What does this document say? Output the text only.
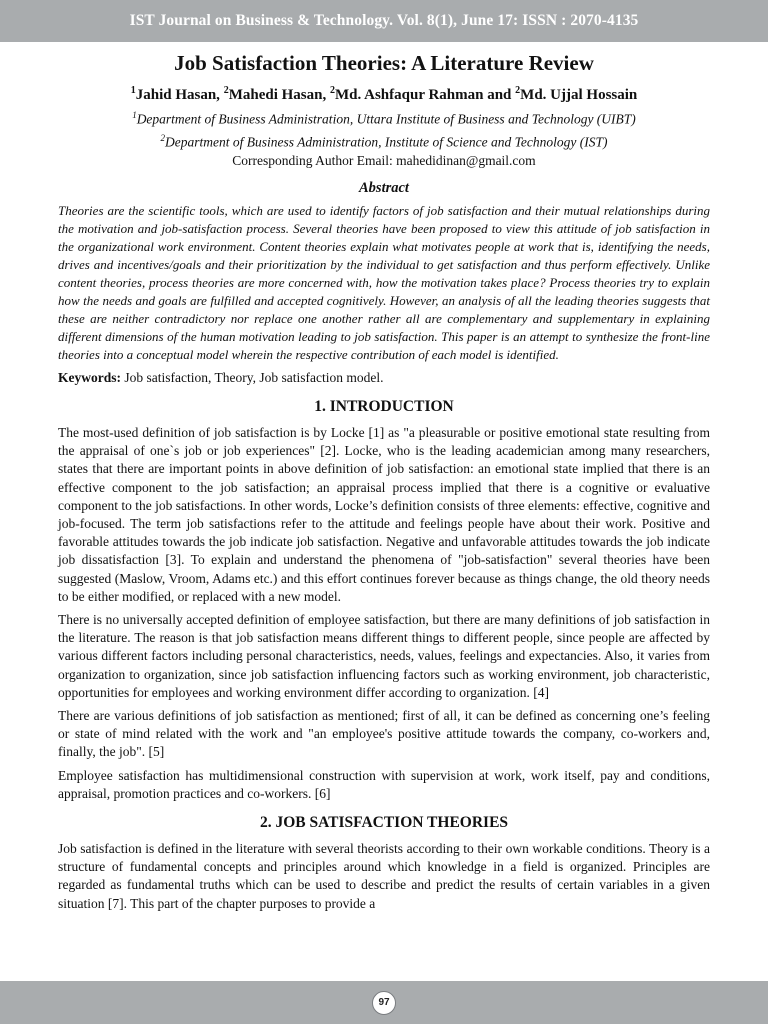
IST Journal on Business & Technology. Vol. 8(1), June 17: ISSN : 2070-4135
Job Satisfaction Theories: A Literature Review
$^1$Jahid Hasan, $^2$Mahedi Hasan, $^2$Md. Ashfaqur Rahman and $^2$Md. Ujjal Hossain
$^1$Department of Business Administration, Uttara Institute of Business and Technology (UIBT)
$^2$Department of Business Administration, Institute of Science and Technology (IST)
Corresponding Author Email: mahedidinan@gmail.com
Abstract
Theories are the scientific tools, which are used to identify factors of job satisfaction and their mutual relationships during the motivation and job-satisfaction process. Several theories have been proposed to view this attitude of job satisfaction in the organizational work environment. Content theories explain what motivates people at work that is, identifying the needs, drives and incentives/goals and their prioritization by the individual to get satisfaction and thus perform effectively. Unlike content theories, process theories are more concerned with, how the motivation takes place? Process theories try to explain how the needs and goals are fulfilled and accepted cognitively. However, an analysis of all the leading theories suggests that these are neither contradictory nor replace one another rather all are complementary and supplementary in explaining different dimensions of the human motivation leading to job satisfaction. This paper is an attempt to synthesize the front-line theories into a conceptual model wherein the respective contribution of each model is identified.
Keywords: Job satisfaction, Theory, Job satisfaction model.
1. INTRODUCTION
The most-used definition of job satisfaction is by Locke [1] as "a pleasurable or positive emotional state resulting from the appraisal of one`s job or job experiences" [2]. Locke, who is the leading academician among many researchers, states that there are important points in above definition of job satisfaction: an emotional state implied that there is an effective component to the job satisfaction; an appraisal process implied that there is a cognitive or evaluative component to the job satisfactions. In other words, Locke’s definition consists of three elements: effective, cognitive and job-focused. The term job satisfactions refer to the attitude and feelings people have about their work. Positive and favorable attitudes towards the job indicate job satisfaction. Negative and unfavorable attitudes towards the job indicate job dissatisfaction [3]. To explain and understand the phenomena of "job-satisfaction" several theories have been suggested (Maslow, Vroom, Adams etc.) and this effort continues forever because as things change, the old theory needs to be either modified, or replaced with a new model.
There is no universally accepted definition of employee satisfaction, but there are many definitions of job satisfaction in the literature. The reason is that job satisfaction means different things to different people, since people are affected by various different factors including personal characteristics, needs, values, feelings and expectancies. Also, it varies from organization to organization, since job satisfaction influencing factors such as working environment, job characteristic, opportunities for employees and working environment differ according to organization. [4]
There are various definitions of job satisfaction as mentioned; first of all, it can be defined as concerning one’s feeling or state of mind related with the work and "an employee's positive attitude towards the company, co-workers and, finally, the job". [5]
Employee satisfaction has multidimensional construction with supervision at work, work itself, pay and conditions, appraisal, promotion practices and co-workers. [6]
2. JOB SATISFACTION THEORIES
Job satisfaction is defined in the literature with several theorists according to their own workable conditions. Theory is a structure of fundamental concepts and principles around which knowledge in a field is organized. Principles are regarded as fundamental truths which can be used to describe and predict the results of certain variables in a given situation [7]. This part of the chapter purposes to provide a
97
